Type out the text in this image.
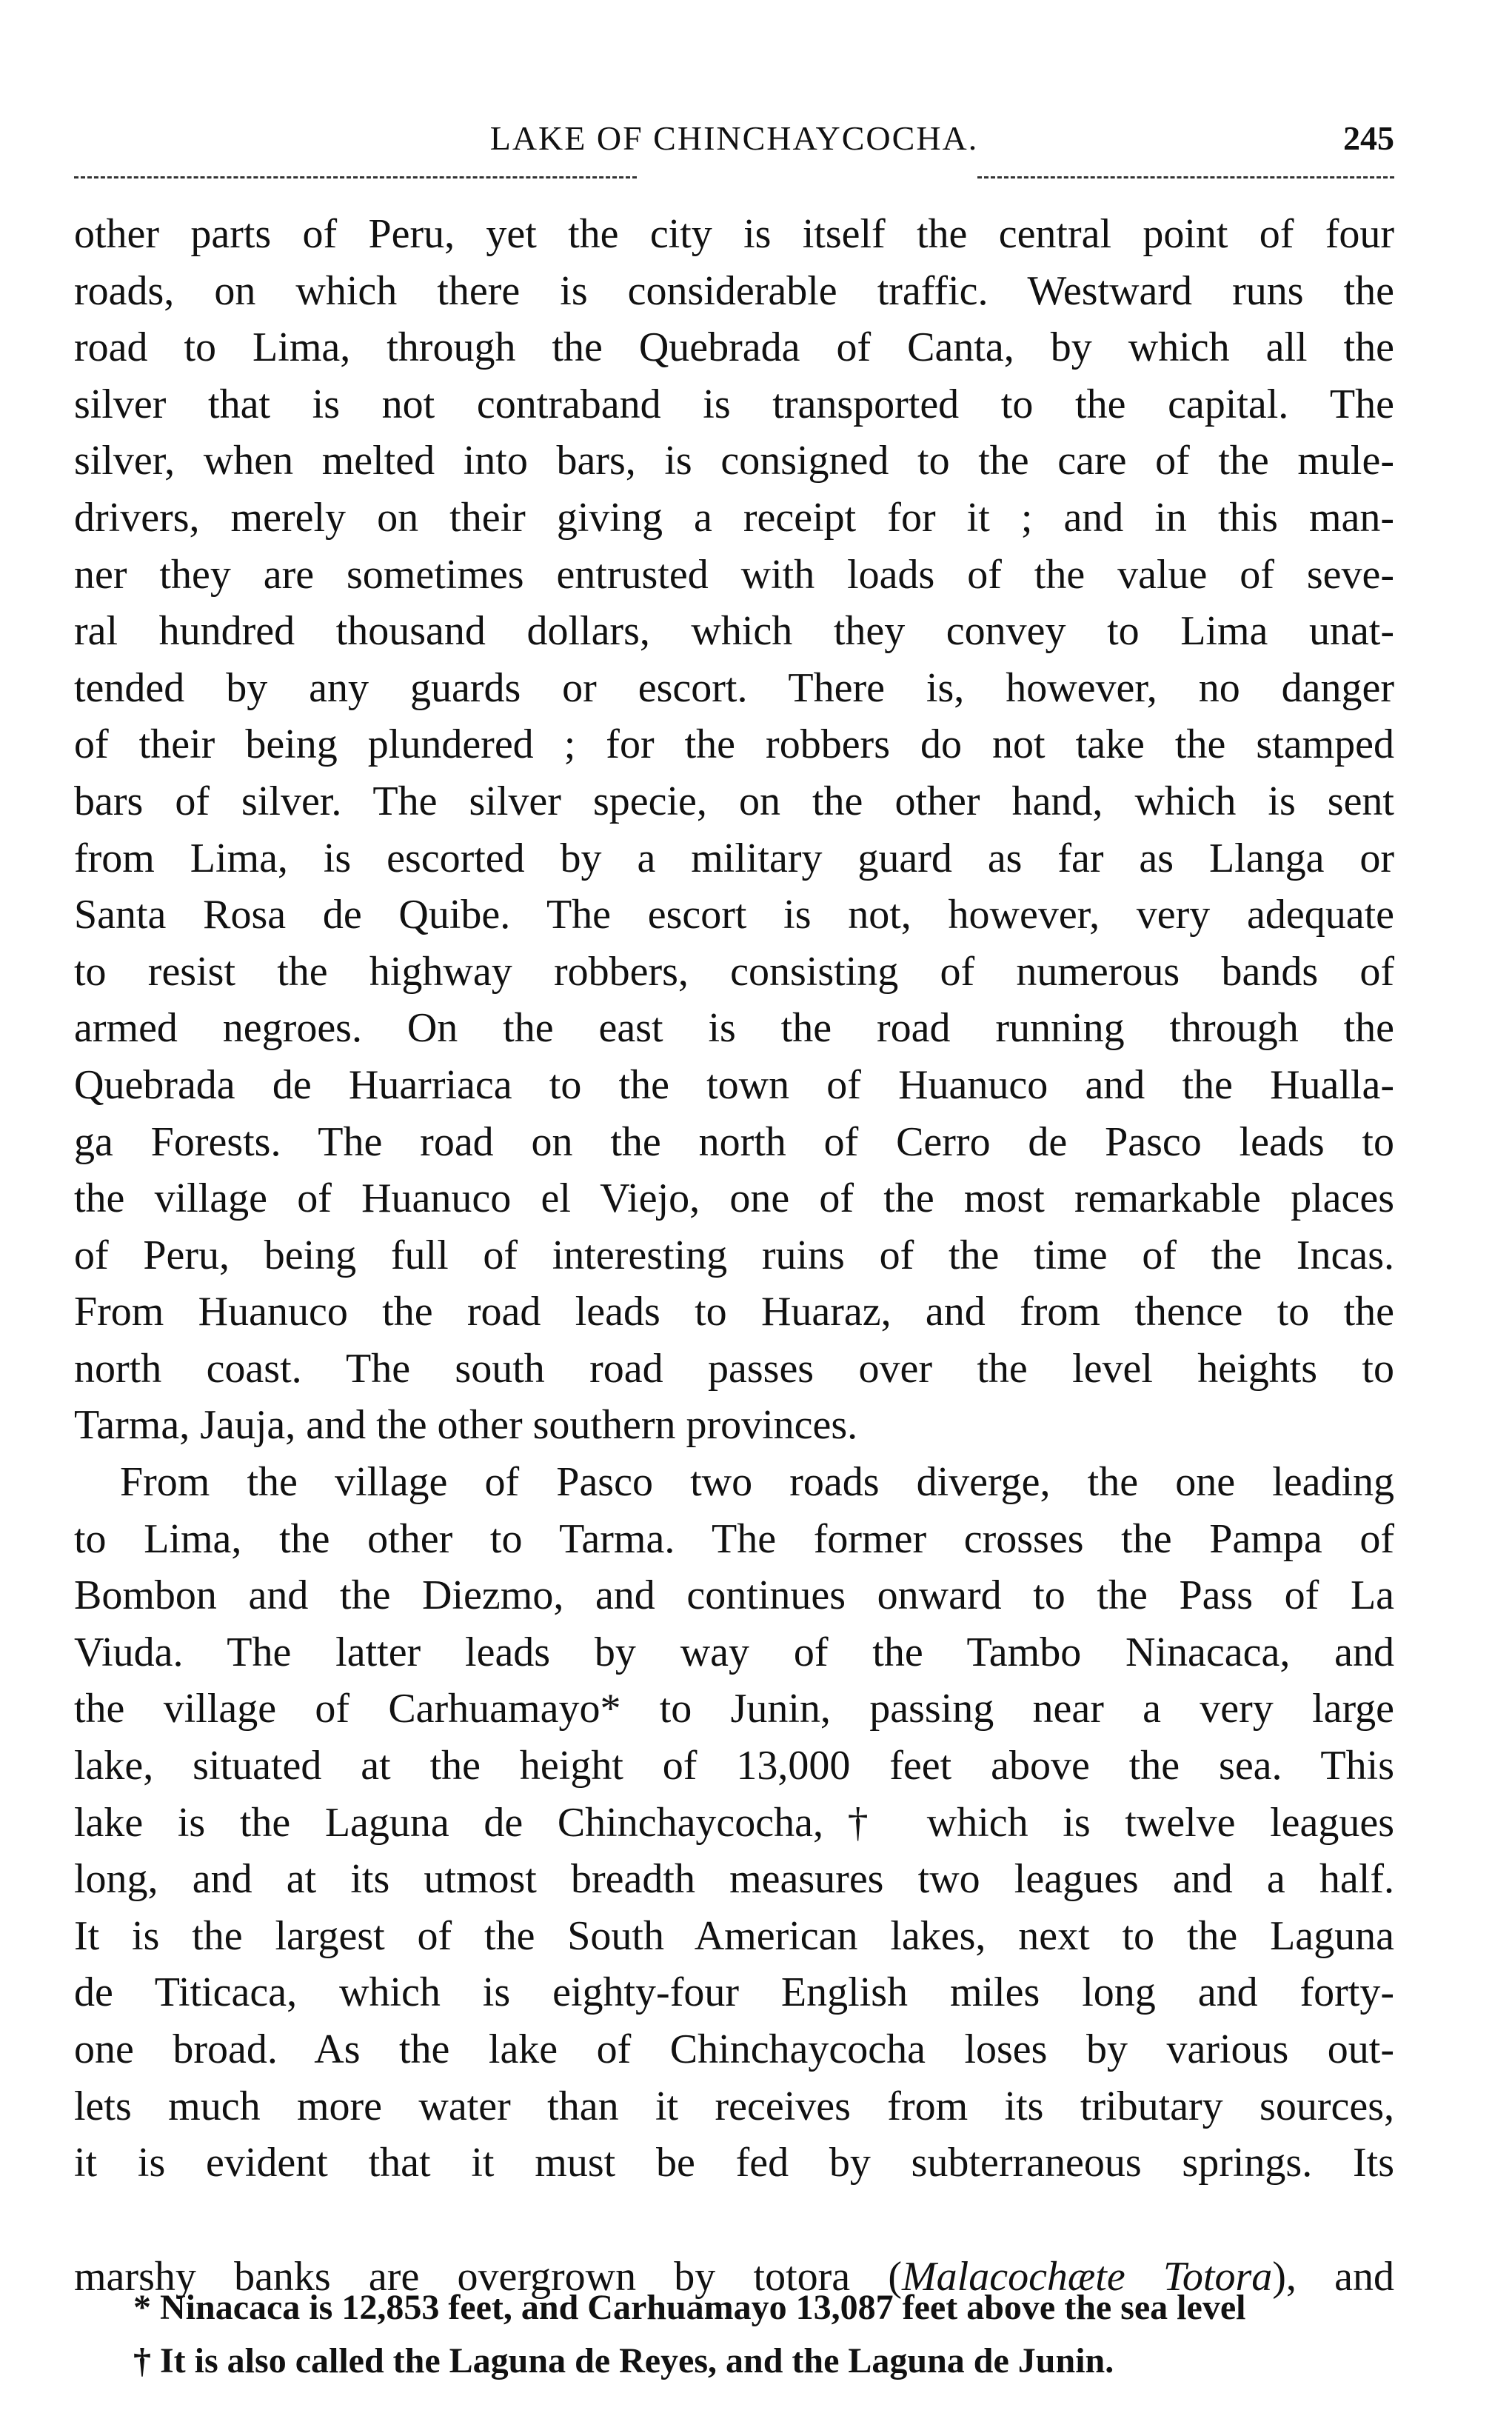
LAKE OF CHINCHAYCOCHA.	245
other parts of Peru, yet the city is itself the central point of four
roads, on which there is considerable traffic. Westward runs the
road to Lima, through the Quebrada of Canta, by which all the
silver that is not contraband is transported to the capital. The
silver, when melted into bars, is consigned to the care of the mule-
drivers, merely on their giving a receipt for it ; and in this man-
ner they are sometimes entrusted with loads of the value of seve-
ral hundred thousand dollars, which they convey to Lima unat-
tended by any guards or escort. There is, however, no danger
of their being plundered ; for the robbers do not take the stamped
bars of silver. The silver specie, on the other hand, which is sent
from Lima, is escorted by a military guard as far as Llanga or
Santa Rosa de Quibe. The escort is not, however, very adequate
to resist the highway robbers, consisting of numerous bands of
armed negroes. On the east is the road running through the
Quebrada de Huarriaca to the town of Huanuco and the Hualla-
ga Forests. The road on the north of Cerro de Pasco leads to
the village of Huanuco el Viejo, one of the most remarkable places
of Peru, being full of interesting ruins of the time of the Incas.
From Huanuco the road leads to Huaraz, and from thence to the
north coast. The south road passes over the level heights to
Tarma, Jauja, and the other southern provinces.
From the village of Pasco two roads diverge, the one leading
to Lima, the other to Tarma. The former crosses the Pampa of
Bombon and the Diezmo, and continues onward to the Pass of La
Viuda. The latter leads by way of the Tambo Ninacaca, and
the village of Carhuamayo* to Junin, passing near a very large
lake, situated at the height of 13,000 feet above the sea. This
lake is the Laguna de Chinchaycocha,† which is twelve leagues
long, and at its utmost breadth measures two leagues and a half.
It is the largest of the South American lakes, next to the Laguna
de Titicaca, which is eighty-four English miles long and forty-
one broad. As the lake of Chinchaycocha loses by various out-
lets much more water than it receives from its tributary sources,
it is evident that it must be fed by subterraneous springs. Its
marshy banks are overgrown by totora (Malacochæte Totora), and
* Ninacaca is 12,853 feet, and Carhuamayo 13,087 feet above the sea level
† It is also called the Laguna de Reyes, and the Laguna de Junin.
